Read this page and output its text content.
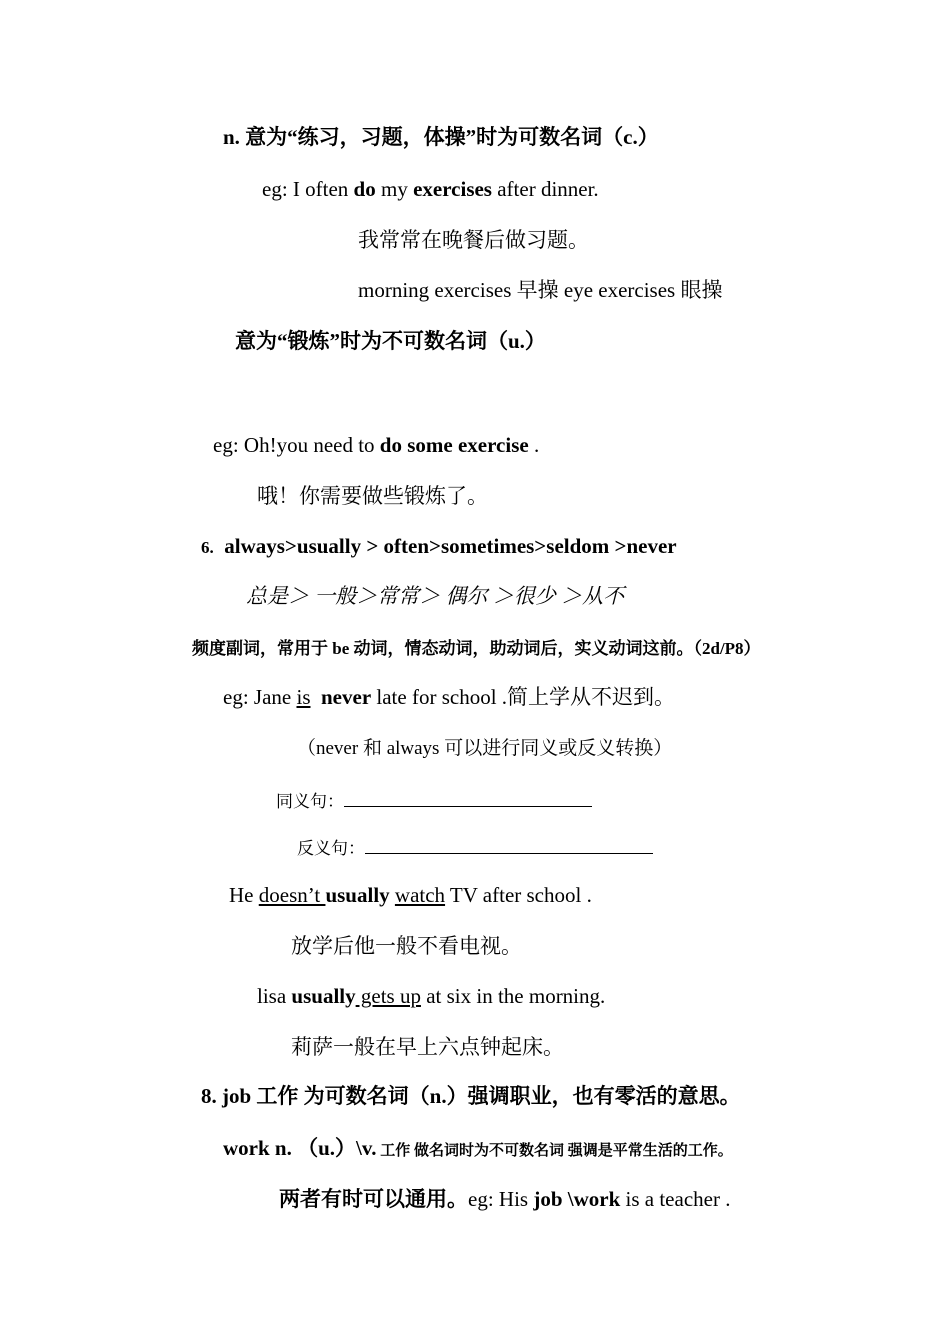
n. 意为“练习，习题，体操”时为可数名词（c.）
eg: I often do my exercises after dinner.
我常常在晚餐后做习题。
morning exercises 早操 eye exercises 眼操
意为“锻炼”时为不可数名词（u.）
eg: Oh!you need to do some exercise .
哦！你需要做些锻炼了。
6. always>usually > often>sometimes>seldom >never
总是＞ 一般＞常常＞ 偶尔 ＞很少 ＞从不
频度副词，常用于 be 动词，情态动词，助动词后，实义动词这前。（2d/P8）
eg: Jane is never late for school .简上学从不迟到。
（never 和 always 可以进行同义或反义转换）
同义句：
反义句：
He doesn’t usually watch TV after school .
放学后他一般不看电视。
lisa usually gets up at six in the morning.
莉萨一般在早上六点钟起床。
8. job 工作 为可数名词（n.）强调职业，也有零活的意思。
work n. （u.）\v. 工作 做名词时为不可数名词 强调是平常生活的工作。
两者有时可以通用。eg: His job \work is a teacher .
